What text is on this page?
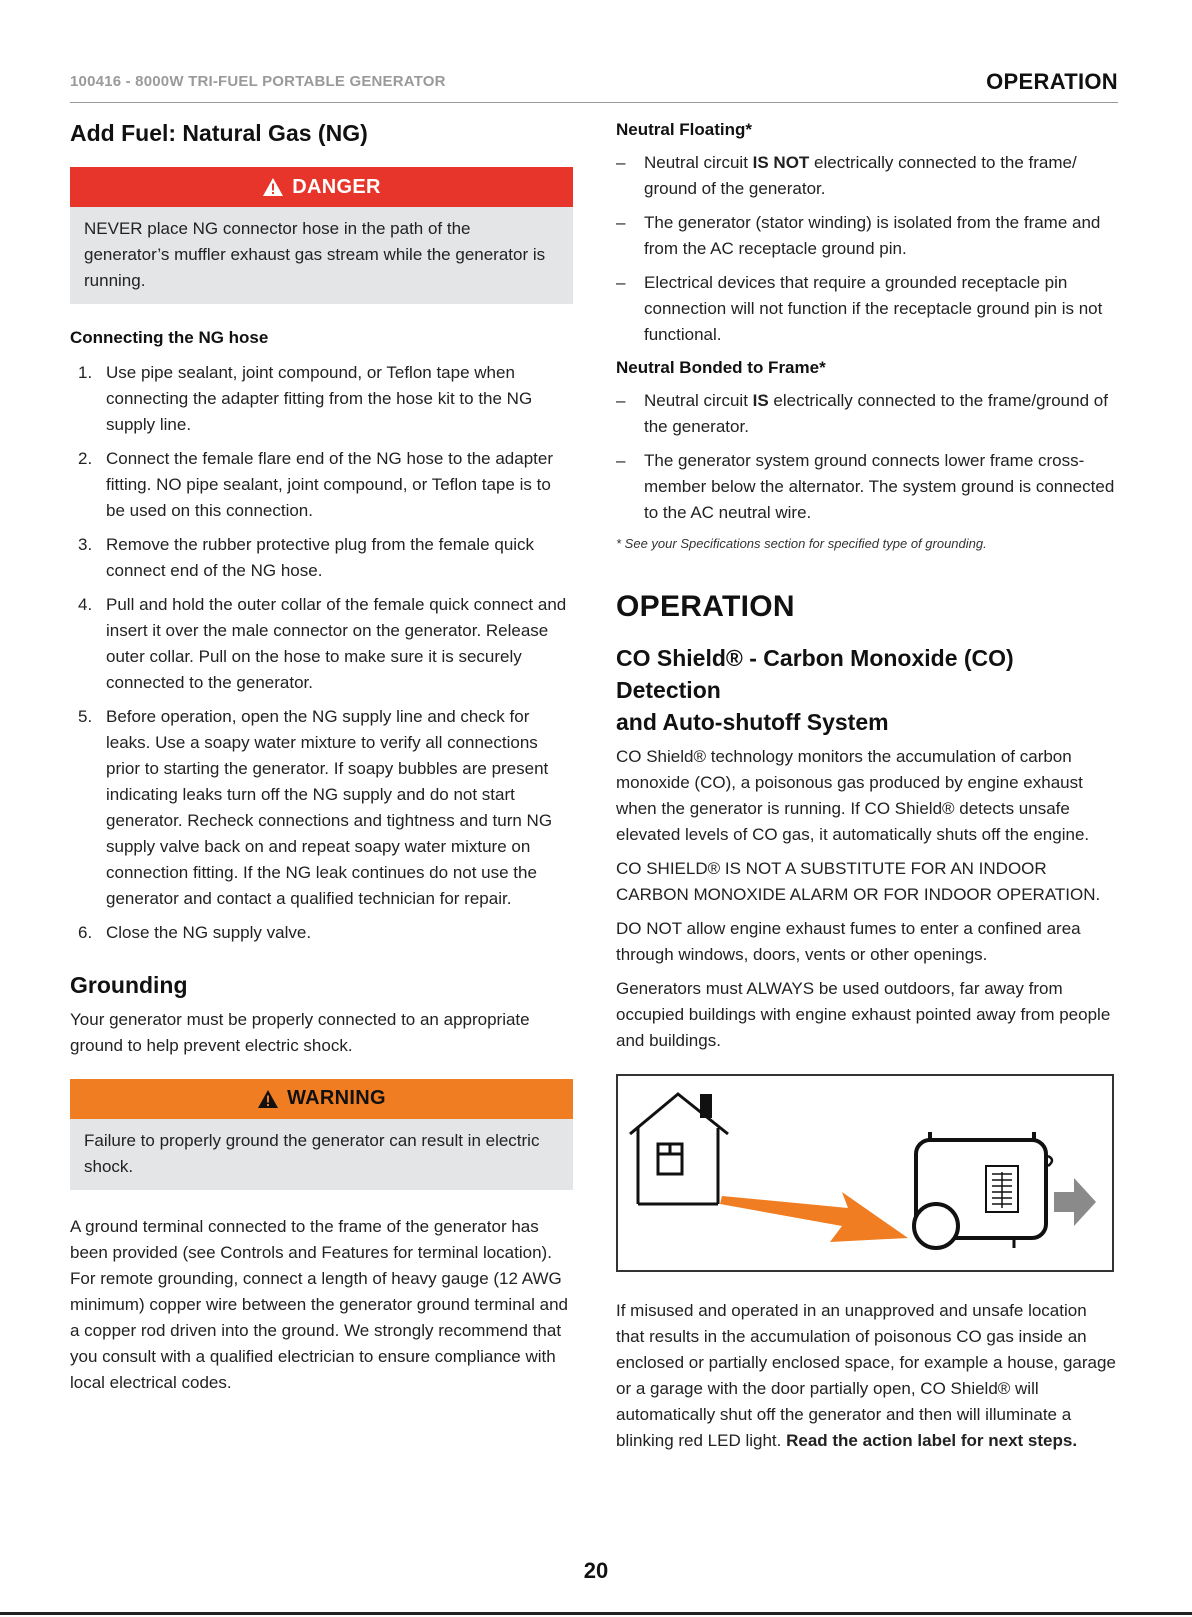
100416 - 8000W TRI-FUEL PORTABLE GENERATOR	OPERATION
Add Fuel: Natural Gas (NG)
DANGER

NEVER place NG connector hose in the path of the generator’s muffler exhaust gas stream while the generator is running.

Connecting the NG hose
1. Use pipe sealant, joint compound, or Teflon tape when connecting the adapter fitting from the hose kit to the NG supply line.
2. Connect the female flare end of the NG hose to the adapter fitting. NO pipe sealant, joint compound, or Teflon tape is to be used on this connection.
3. Remove the rubber protective plug from the female quick connect end of the NG hose.
4. Pull and hold the outer collar of the female quick connect and insert it over the male connector on the generator. Release outer collar. Pull on the hose to make sure it is securely connected to the generator.
5. Before operation, open the NG supply line and check for leaks. Use a soapy water mixture to verify all connections prior to starting the generator. If soapy bubbles are present indicating leaks turn off the NG supply and do not start generator. Recheck connections and tightness and turn NG supply valve back on and repeat soapy water mixture on connection fitting. If the NG leak continues do not use the generator and contact a qualified technician for repair.
6. Close the NG supply valve.
Grounding

Your generator must be properly connected to an appropriate ground to help prevent electric shock.

WARNING

Failure to properly ground the generator can result in electric shock.

A ground terminal connected to the frame of the generator has been provided (see Controls and Features for terminal location). For remote grounding, connect a length of heavy gauge (12 AWG minimum) copper wire between the generator ground terminal and a copper rod driven into the ground. We strongly recommend that you consult with a qualified electrician to ensure compliance with local electrical codes.

Neutral Floating*
–	Neutral circuit IS NOT electrically connected to the frame/ ground of the generator.
–	The generator (stator winding) is isolated from the frame and from the AC receptacle ground pin.
–	Electrical devices that require a grounded receptacle pin connection will not function if the receptacle ground pin is not functional.
Neutral Bonded to Frame*
–	Neutral circuit IS electrically connected to the frame/ground of the generator.
–	The generator system ground connects lower frame cross-member below the alternator. The system ground is connected to the AC neutral wire.
* See your Specifications section for specified type of grounding.
OPERATION
CO Shield® - Carbon Monoxide (CO) Detection
and Auto-shutoff System

CO Shield® technology monitors the accumulation of carbon monoxide (CO), a poisonous gas produced by engine exhaust when the generator is running. If CO Shield® detects unsafe elevated levels of CO gas, it automatically shuts off the engine.

CO SHIELD® IS NOT A SUBSTITUTE FOR AN INDOOR CARBON MONOXIDE ALARM OR FOR INDOOR OPERATION.

DO NOT allow engine exhaust fumes to enter a confined area through windows, doors, vents or other openings.

Generators must ALWAYS be used outdoors, far away from occupied buildings with engine exhaust pointed away from people and buildings.

If misused and operated in an unapproved and unsafe location that results in the accumulation of poisonous CO gas inside an enclosed or partially enclosed space, for example a house, garage or a garage with the door partially open, CO Shield® will automatically shut off the generator and then will illuminate a blinking red LED light. Read the action label for next steps.

20
